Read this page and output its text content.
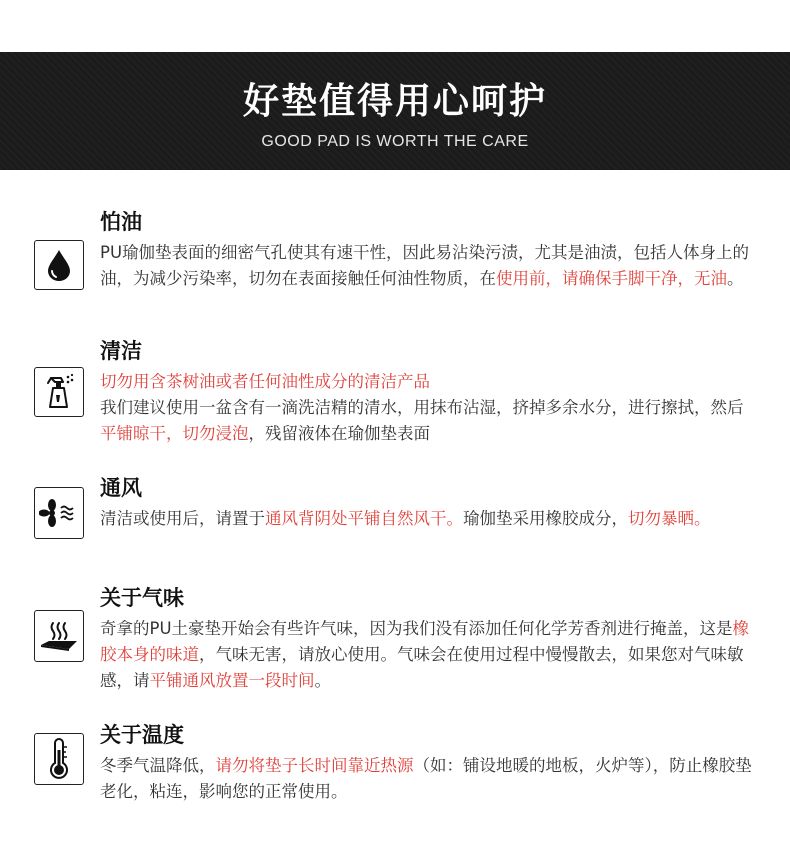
好垫值得用心呵护
GOOD PAD IS WORTH THE CARE
怕油
PU瑜伽垫表面的细密气孔使其有速干性，因此易沾染污渍，尤其是油渍，包括人体身上的油，为减少污染率，切勿在表面接触任何油性物质，在使用前，请确保手脚干净，无油。
清洁
切勿用含茶树油或者任何油性成分的清洁产品
我们建议使用一盆含有一滴洗洁精的清水，用抹布沾湿，挤掉多余水分，进行擦拭，然后平铺晾干，切勿浸泡，残留液体在瑜伽垫表面
通风
清洁或使用后，请置于通风背阴处平铺自然风干。瑜伽垫采用橡胶成分，切勿暴晒。
关于气味
奇拿的PU土豪垫开始会有些许气味，因为我们没有添加任何化学芳香剂进行掩盖，这是橡胶本身的味道，气味无害，请放心使用。气味会在使用过程中慢慢散去，如果您对气味敏感，请平铺通风放置一段时间。
关于温度
冬季气温降低，请勿将垫子长时间靠近热源（如：铺设地暖的地板，火炉等），防止橡胶垫老化，粘连，影响您的正常使用。
